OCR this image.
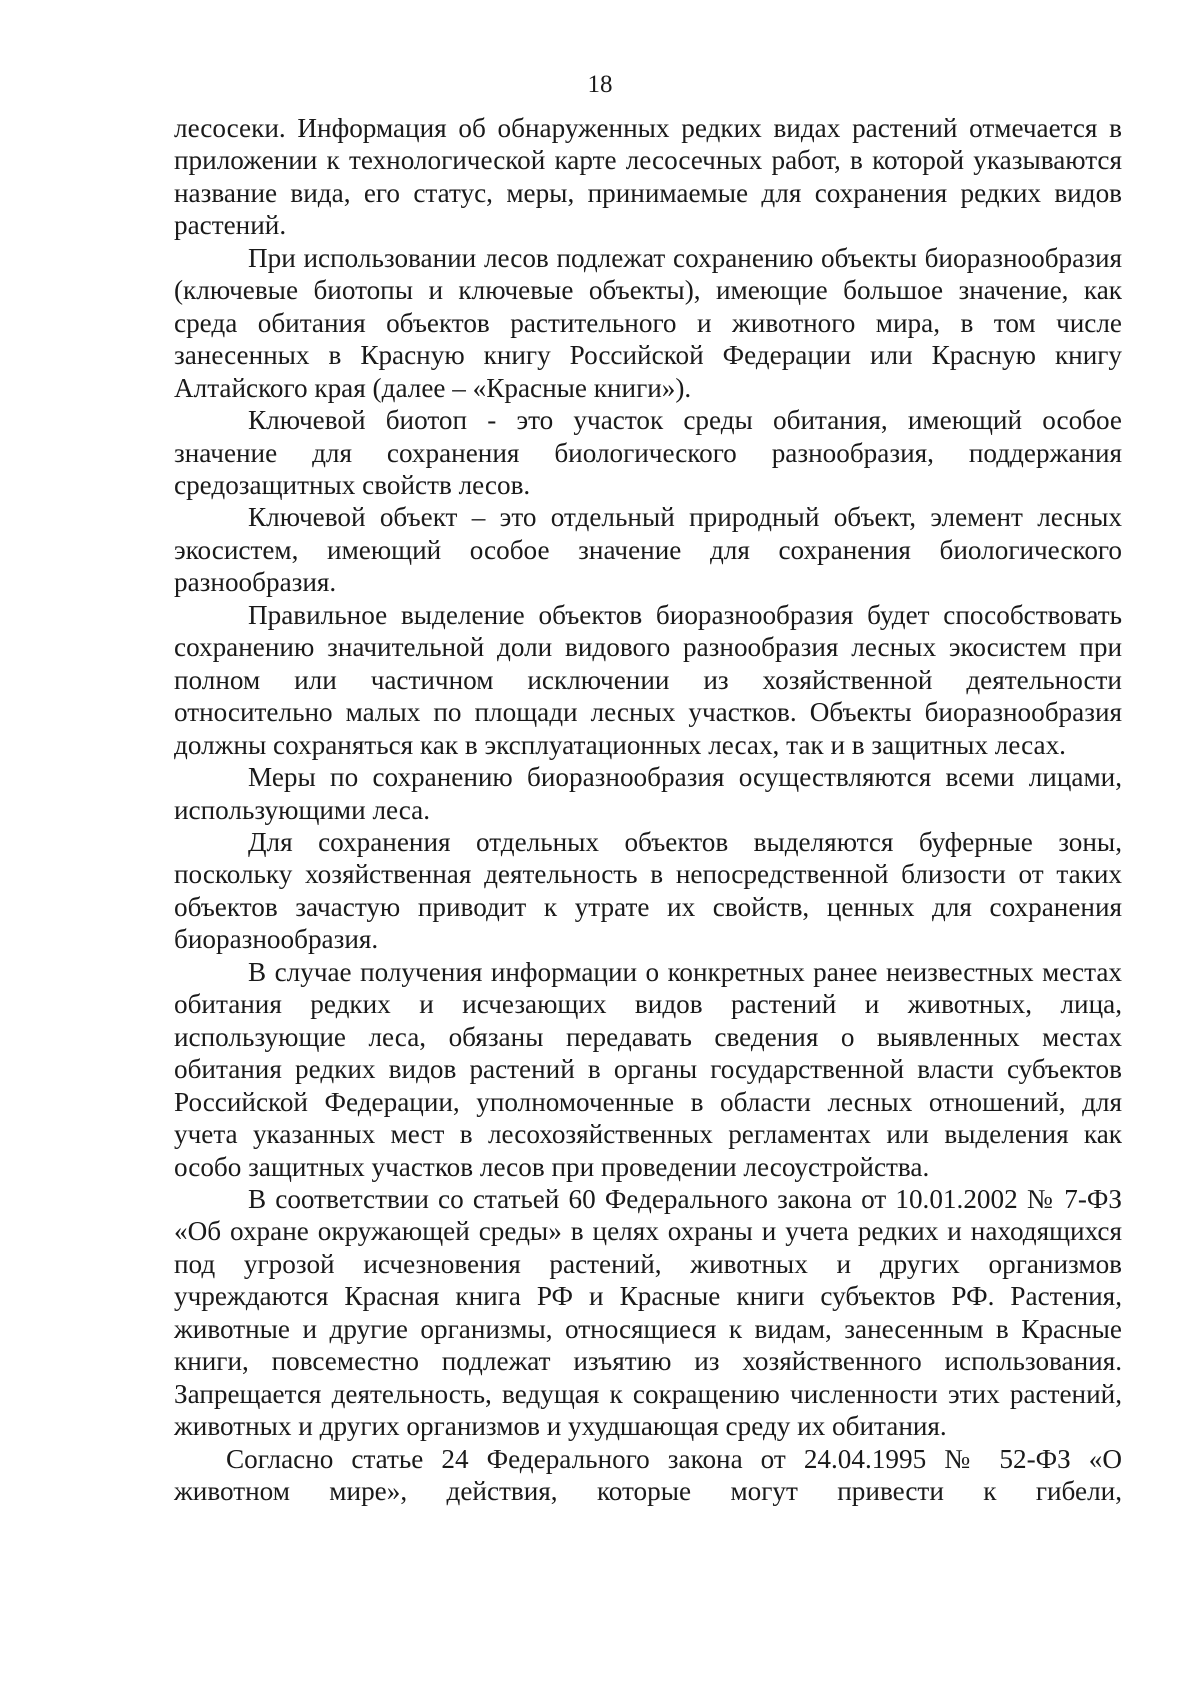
18

лесосеки. Информация об обнаруженных редких видах растений отмечается в приложении к технологической карте лесосечных работ, в которой указываются название вида, его статус, меры, принимаемые для сохранения редких видов растений.

При использовании лесов подлежат сохранению объекты биоразнообразия (ключевые биотопы и ключевые объекты), имеющие большое значение, как среда обитания объектов растительного и животного мира, в том числе занесенных в Красную книгу Российской Федерации или Красную книгу Алтайского края (далее – «Красные книги»).

Ключевой биотоп - это участок среды обитания, имеющий особое значение для сохранения биологического разнообразия, поддержания средозащитных свойств лесов.

Ключевой объект – это отдельный природный объект, элемент лесных экосистем, имеющий особое значение для сохранения биологического разнообразия.

Правильное выделение объектов биоразнообразия будет способствовать сохранению значительной доли видового разнообразия лесных экосистем при полном или частичном исключении из хозяйственной деятельности относительно малых по площади лесных участков. Объекты биоразнообразия должны сохраняться как в эксплуатационных лесах, так и в защитных лесах.

Меры по сохранению биоразнообразия осуществляются всеми лицами, использующими леса.

Для сохранения отдельных объектов выделяются буферные зоны, поскольку хозяйственная деятельность в непосредственной близости от таких объектов зачастую приводит к утрате их свойств, ценных для сохранения биоразнообразия.

В случае получения информации о конкретных ранее неизвестных местах обитания редких и исчезающих видов растений и животных, лица, использующие леса, обязаны передавать сведения о выявленных местах обитания редких видов растений в органы государственной власти субъектов Российской Федерации, уполномоченные в области лесных отношений, для учета указанных мест в лесохозяйственных регламентах или выделения как особо защитных участков лесов при проведении лесоустройства.

В соответствии со статьей 60 Федерального закона от 10.01.2002 № 7-ФЗ «Об охране окружающей среды» в целях охраны и учета редких и находящихся под угрозой исчезновения растений, животных и других организмов учреждаются Красная книга РФ и Красные книги субъектов РФ. Растения, животные и другие организмы, относящиеся к видам, занесенным в Красные книги, повсеместно подлежат изъятию из хозяйственного использования. Запрещается деятельность, ведущая к сокращению численности этих растений, животных и других организмов и ухудшающая среду их обитания.

Согласно статье 24 Федерального закона от 24.04.1995 № 52-ФЗ «О животном мире», действия, которые могут привести к гибели,
